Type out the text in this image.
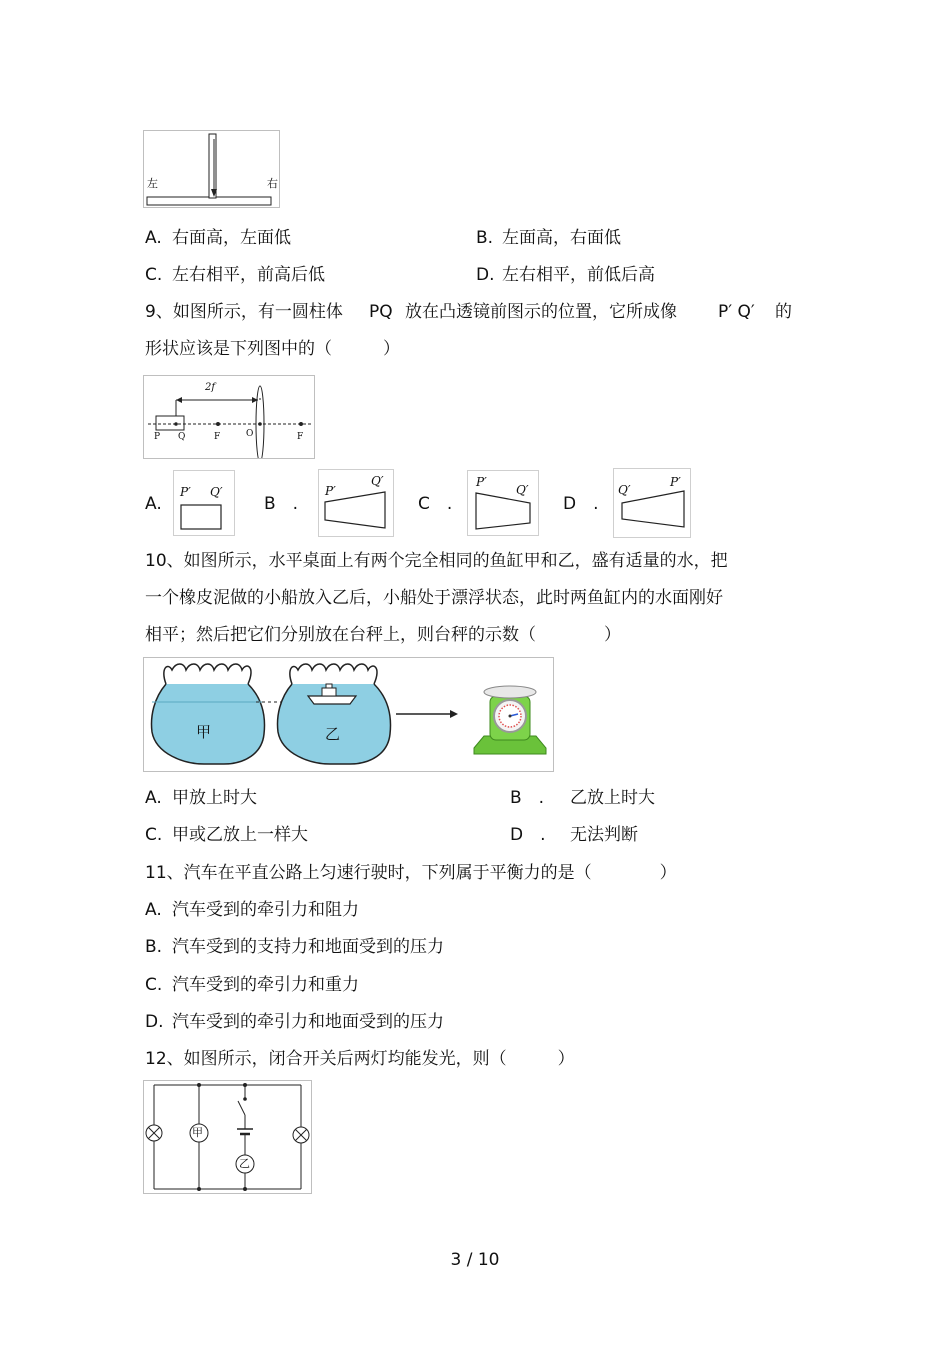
左	右
A. 右面高，左面低	B. 左面高，右面低
C. 左右相平，前高后低	D. 左右相平，前低后高
9、如图所示，有一圆柱体 PQ 放在凸透镜前图示的位置，它所成像 P′ Q′ 的
形状应该是下列图中的（　　　）
2f
P Q	F	O	F
A.
P′ Q′
B　.
P′
Q′
C　.
P′
Q′
D　.
Q′
P′
10、如图所示，水平桌面上有两个完全相同的鱼缸甲和乙，盛有适量的水，把
一个橡皮泥做的小船放入乙后，小船处于漂浮状态，此时两鱼缸内的水面刚好
相平；然后把它们分别放在台秤上，则台秤的示数（　　　　）
甲	乙
A. 甲放上时大	B　. 乙放上时大
C. 甲或乙放上一样大	D　. 无法判断
11、汽车在平直公路上匀速行驶时，下列属于平衡力的是（　　　　）
A. 汽车受到的牵引力和阻力
B. 汽车受到的支持力和地面受到的压力
C. 汽车受到的牵引力和重力
D. 汽车受到的牵引力和地面受到的压力
12、如图所示，闭合开关后两灯均能发光，则（　　　）
甲
乙
3 / 10
